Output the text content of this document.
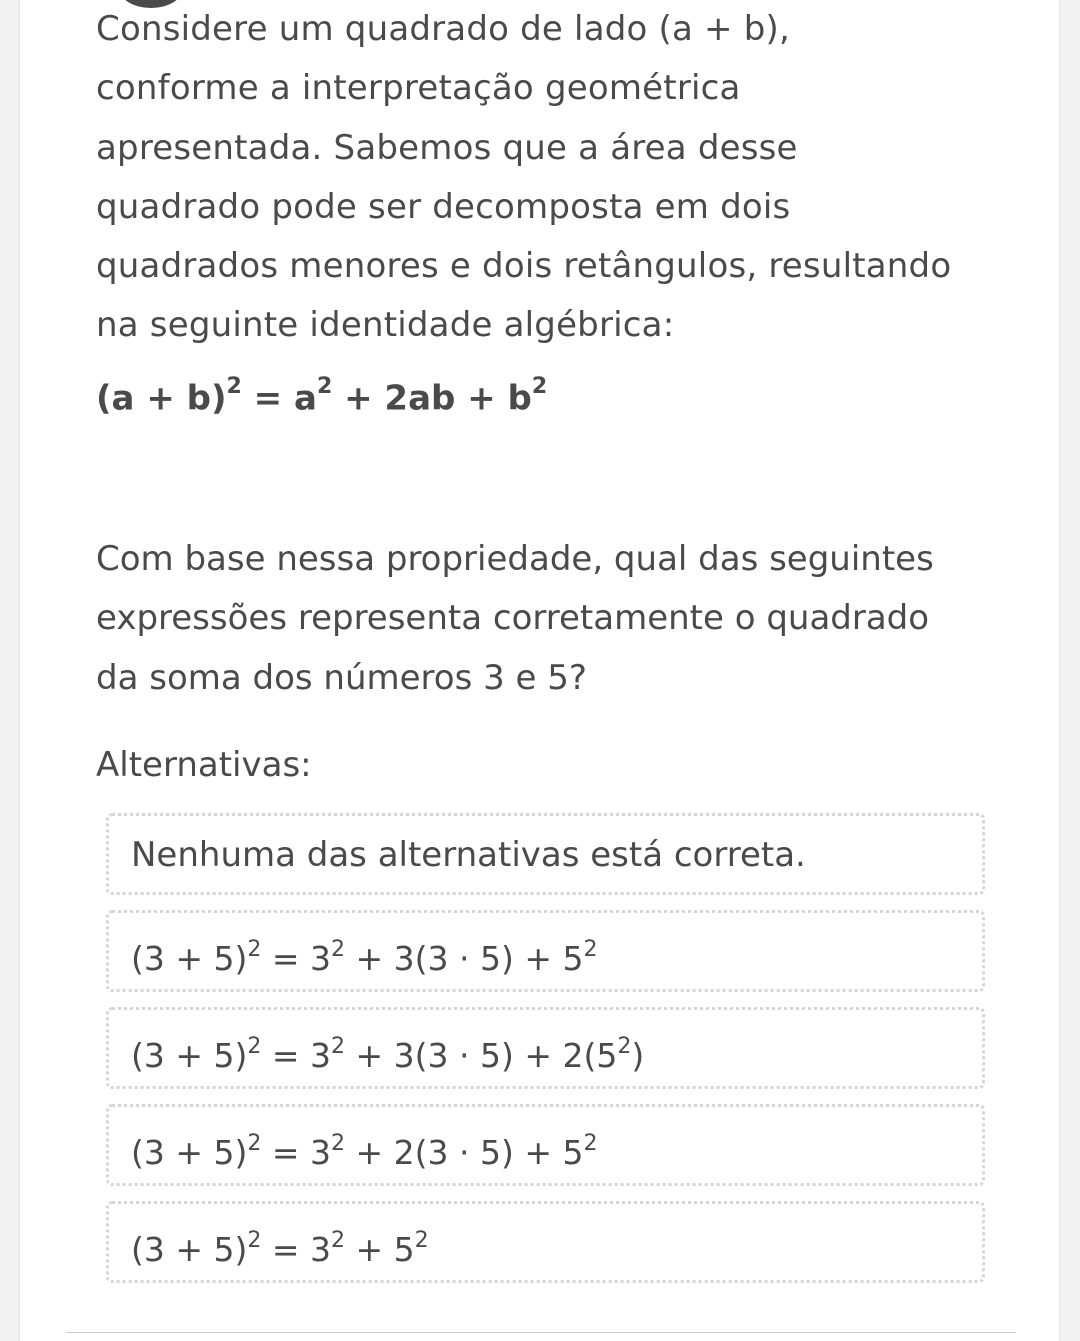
Considere um quadrado de lado (a + b),
conforme a interpretação geométrica
apresentada. Sabemos que a área desse
quadrado pode ser decomposta em dois
quadrados menores e dois retângulos, resultando
na seguinte identidade algébrica:
$(a + b)^2 = a^2 + 2ab + b^2$
Com base nessa propriedade, qual das seguintes
expressões representa corretamente o quadrado
da soma dos números 3 e 5?
Alternativas:
Nenhuma das alternativas está correta.
$(3 + 5)^2 = 3^2 + 3(3 \cdot 5) + 5^2$
$(3 + 5)^2 = 3^2 + 3(3 \cdot 5) + 2(5^2)$
$(3 + 5)^2 = 3^2 + 2(3 \cdot 5) + 5^2$
$(3 + 5)^2 = 3^2 + 5^2$
